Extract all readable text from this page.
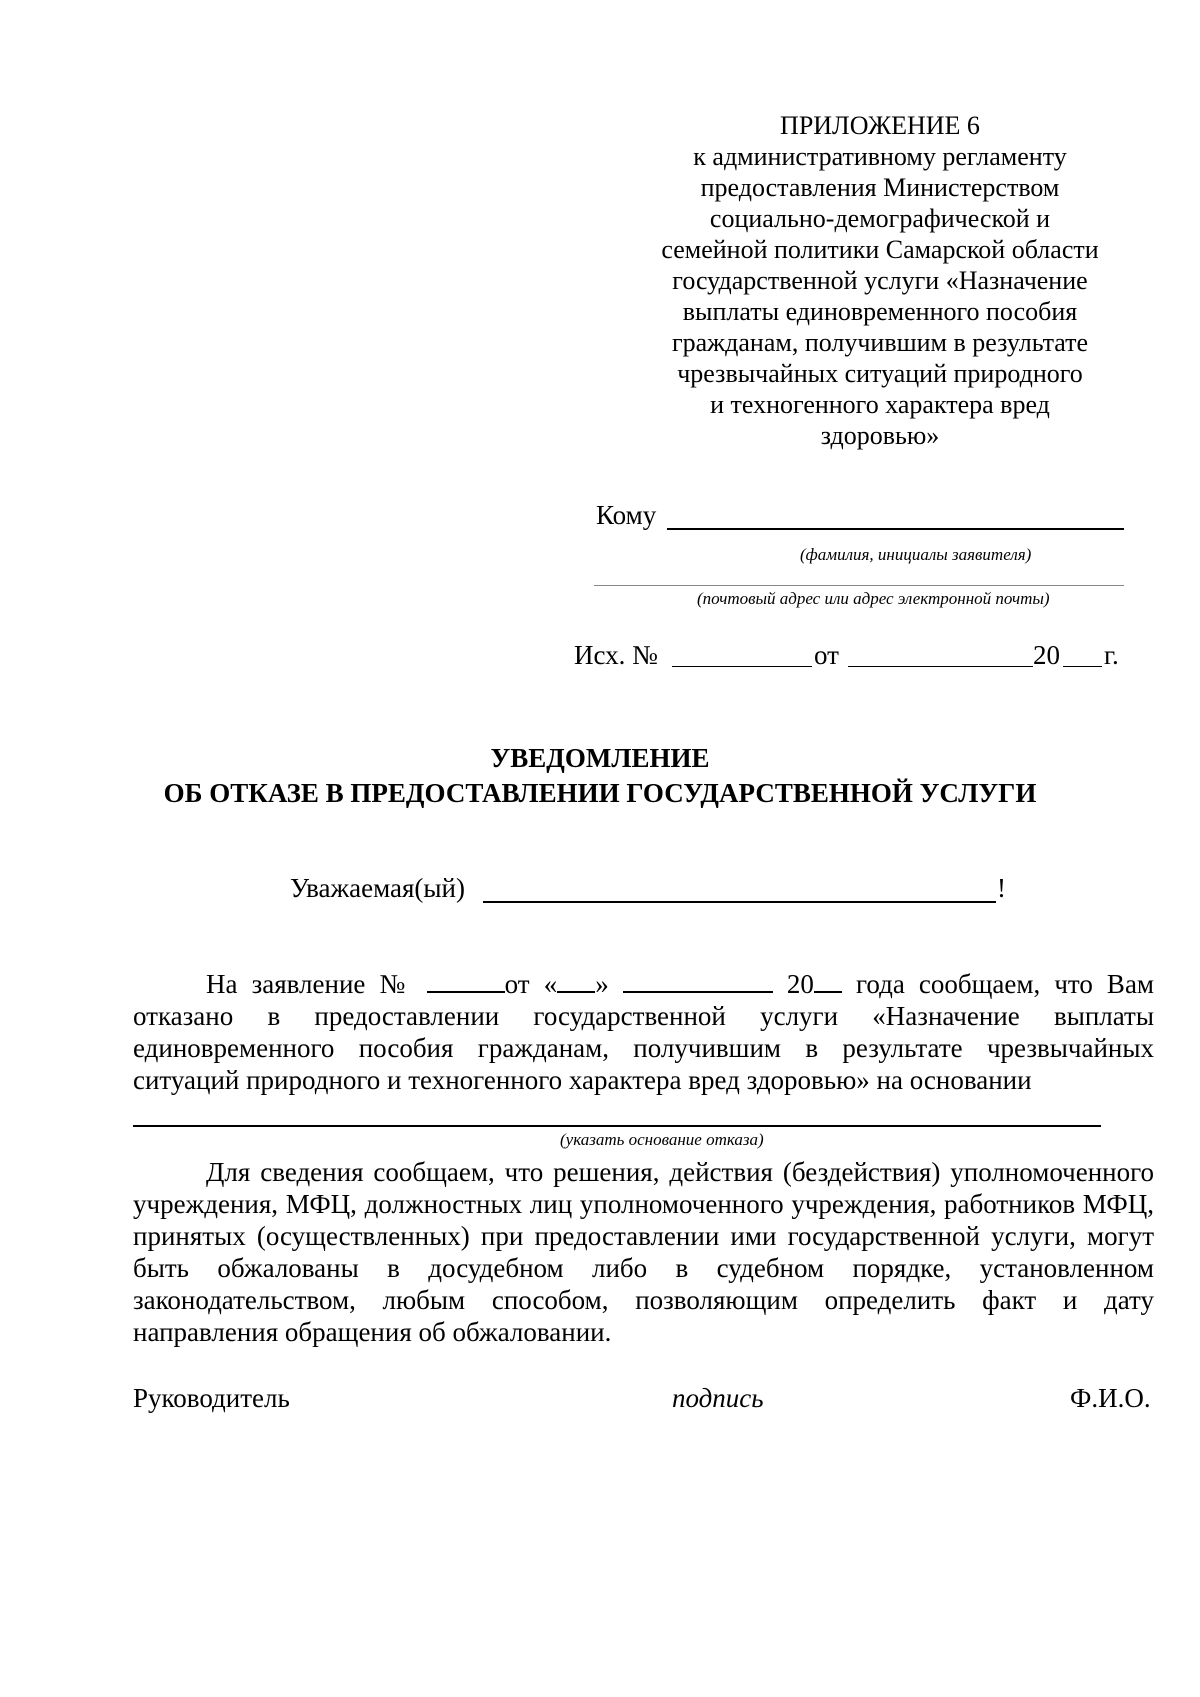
ПРИЛОЖЕНИЕ 6
к административному регламенту
предоставления Министерством
социально-демографической и
семейной политики Самарской области
государственной услуги «Назначение
выплаты единовременного пособия
гражданам, получившим в результате
чрезвычайных ситуаций природного
и техногенного характера вред
здоровью»
Кому
(фамилия, инициалы заявителя)
(почтовый адрес или адрес электронной почты)
Исх. №	от	20 г.
УВЕДОМЛЕНИЕ
ОБ ОТКАЗЕ В ПРЕДОСТАВЛЕНИИ ГОСУДАРСТВЕННОЙ УСЛУГИ
Уважаемая(ый)	!

На заявление №	от « »	20 года сообщаем, что Вам отказано в предоставлении государственной услуги «Назначение выплаты единовременного пособия гражданам, получившим в результате чрезвычайных ситуаций природного и техногенного характера вред здоровью» на основании

(указать основание отказа)

Для сведения сообщаем, что решения, действия (бездействия) уполномоченного учреждения, МФЦ, должностных лиц уполномоченного учреждения, работников МФЦ, принятых (осуществленных) при предоставлении ими государственной услуги, могут быть обжалованы в досудебном либо в судебном порядке, установленном законодательством, любым способом, позволяющим определить факт и дату направления обращения об обжаловании.

Руководитель	подпись	Ф.И.О.
